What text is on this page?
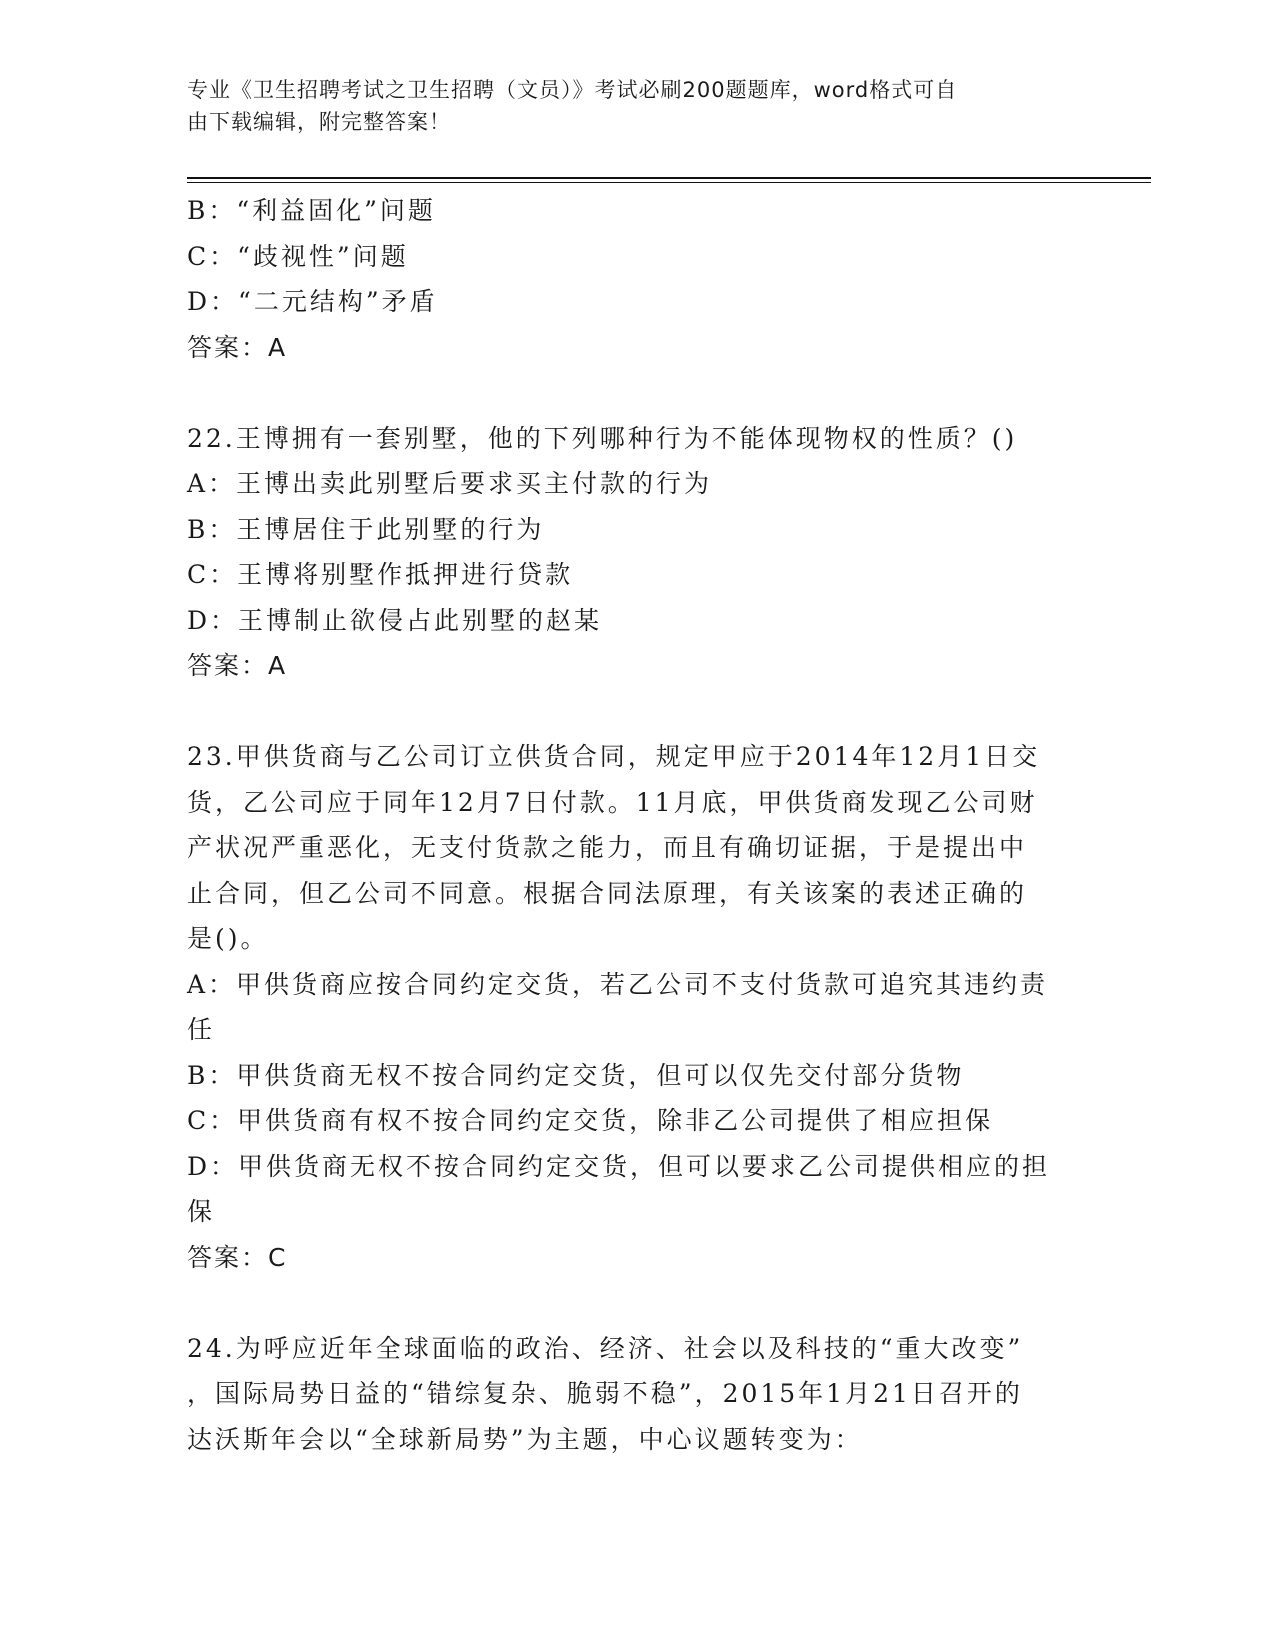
专业《卫生招聘考试之卫生招聘（文员）》考试必刷200题题库，word格式可自
由下载编辑，附完整答案！
B：“利益固化”问题
C：“歧视性”问题
D：“二元结构”矛盾
答案：A
22.王博拥有一套别墅，他的下列哪种行为不能体现物权的性质？()
A：王博出卖此别墅后要求买主付款的行为
B：王博居住于此别墅的行为
C：王博将别墅作抵押进行贷款
D：王博制止欲侵占此别墅的赵某
答案：A
23.甲供货商与乙公司订立供货合同，规定甲应于2014年12月1日交
货，乙公司应于同年12月7日付款。11月底，甲供货商发现乙公司财
产状况严重恶化，无支付货款之能力，而且有确切证据，于是提出中
止合同，但乙公司不同意。根据合同法原理，有关该案的表述正确的
是()。
A：甲供货商应按合同约定交货，若乙公司不支付货款可追究其违约责
任
B：甲供货商无权不按合同约定交货，但可以仅先交付部分货物
C：甲供货商有权不按合同约定交货，除非乙公司提供了相应担保
D：甲供货商无权不按合同约定交货，但可以要求乙公司提供相应的担
保
答案：C
24.为呼应近年全球面临的政治、经济、社会以及科技的“重大改变”
，国际局势日益的“错综复杂、脆弱不稳”，2015年1月21日召开的
达沃斯年会以“全球新局势”为主题，中心议题转变为：
